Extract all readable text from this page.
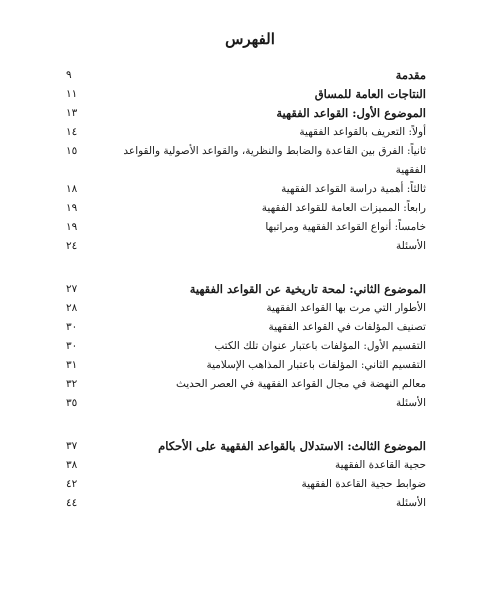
الفهرس
مقدمة
٩
النتاجات العامة للمساق
١١
الموضوع الأول: القواعد الفقهية
١٣
أولاً: التعريف بالقواعد الفقهية
١٤
ثانياً: الفرق بين القاعدة والضابط والنظرية، والقواعد الأصولية والقواعد الفقهية
١٥
ثالثاً: أهمية دراسة القواعد الفقهية
١٨
رابعاً: المميزات العامة للقواعد الفقهية
١٩
خامساً: أنواع القواعد الفقهية ومراتبها
١٩
الأسئلة
٢٤
الموضوع الثاني: لمحة تاريخية عن القواعد الفقهية
٢٧
الأطوار التي مرت بها القواعد الفقهية
٢٨
تصنيف المؤلفات في القواعد الفقهية
٣٠
التقسيم الأول: المؤلفات باعتبار عنوان تلك الكتب
٣٠
التقسيم الثاني: المؤلفات باعتبار المذاهب الإسلامية
٣١
معالم النهضة في مجال القواعد الفقهية في العصر الحديث
٣٢
الأسئلة
٣٥
الموضوع الثالث: الاستدلال بالقواعد الفقهية على الأحكام
٣٧
حجية القاعدة الفقهية
٣٨
ضوابط حجية القاعدة الفقهية
٤٢
الأسئلة
٤٤
